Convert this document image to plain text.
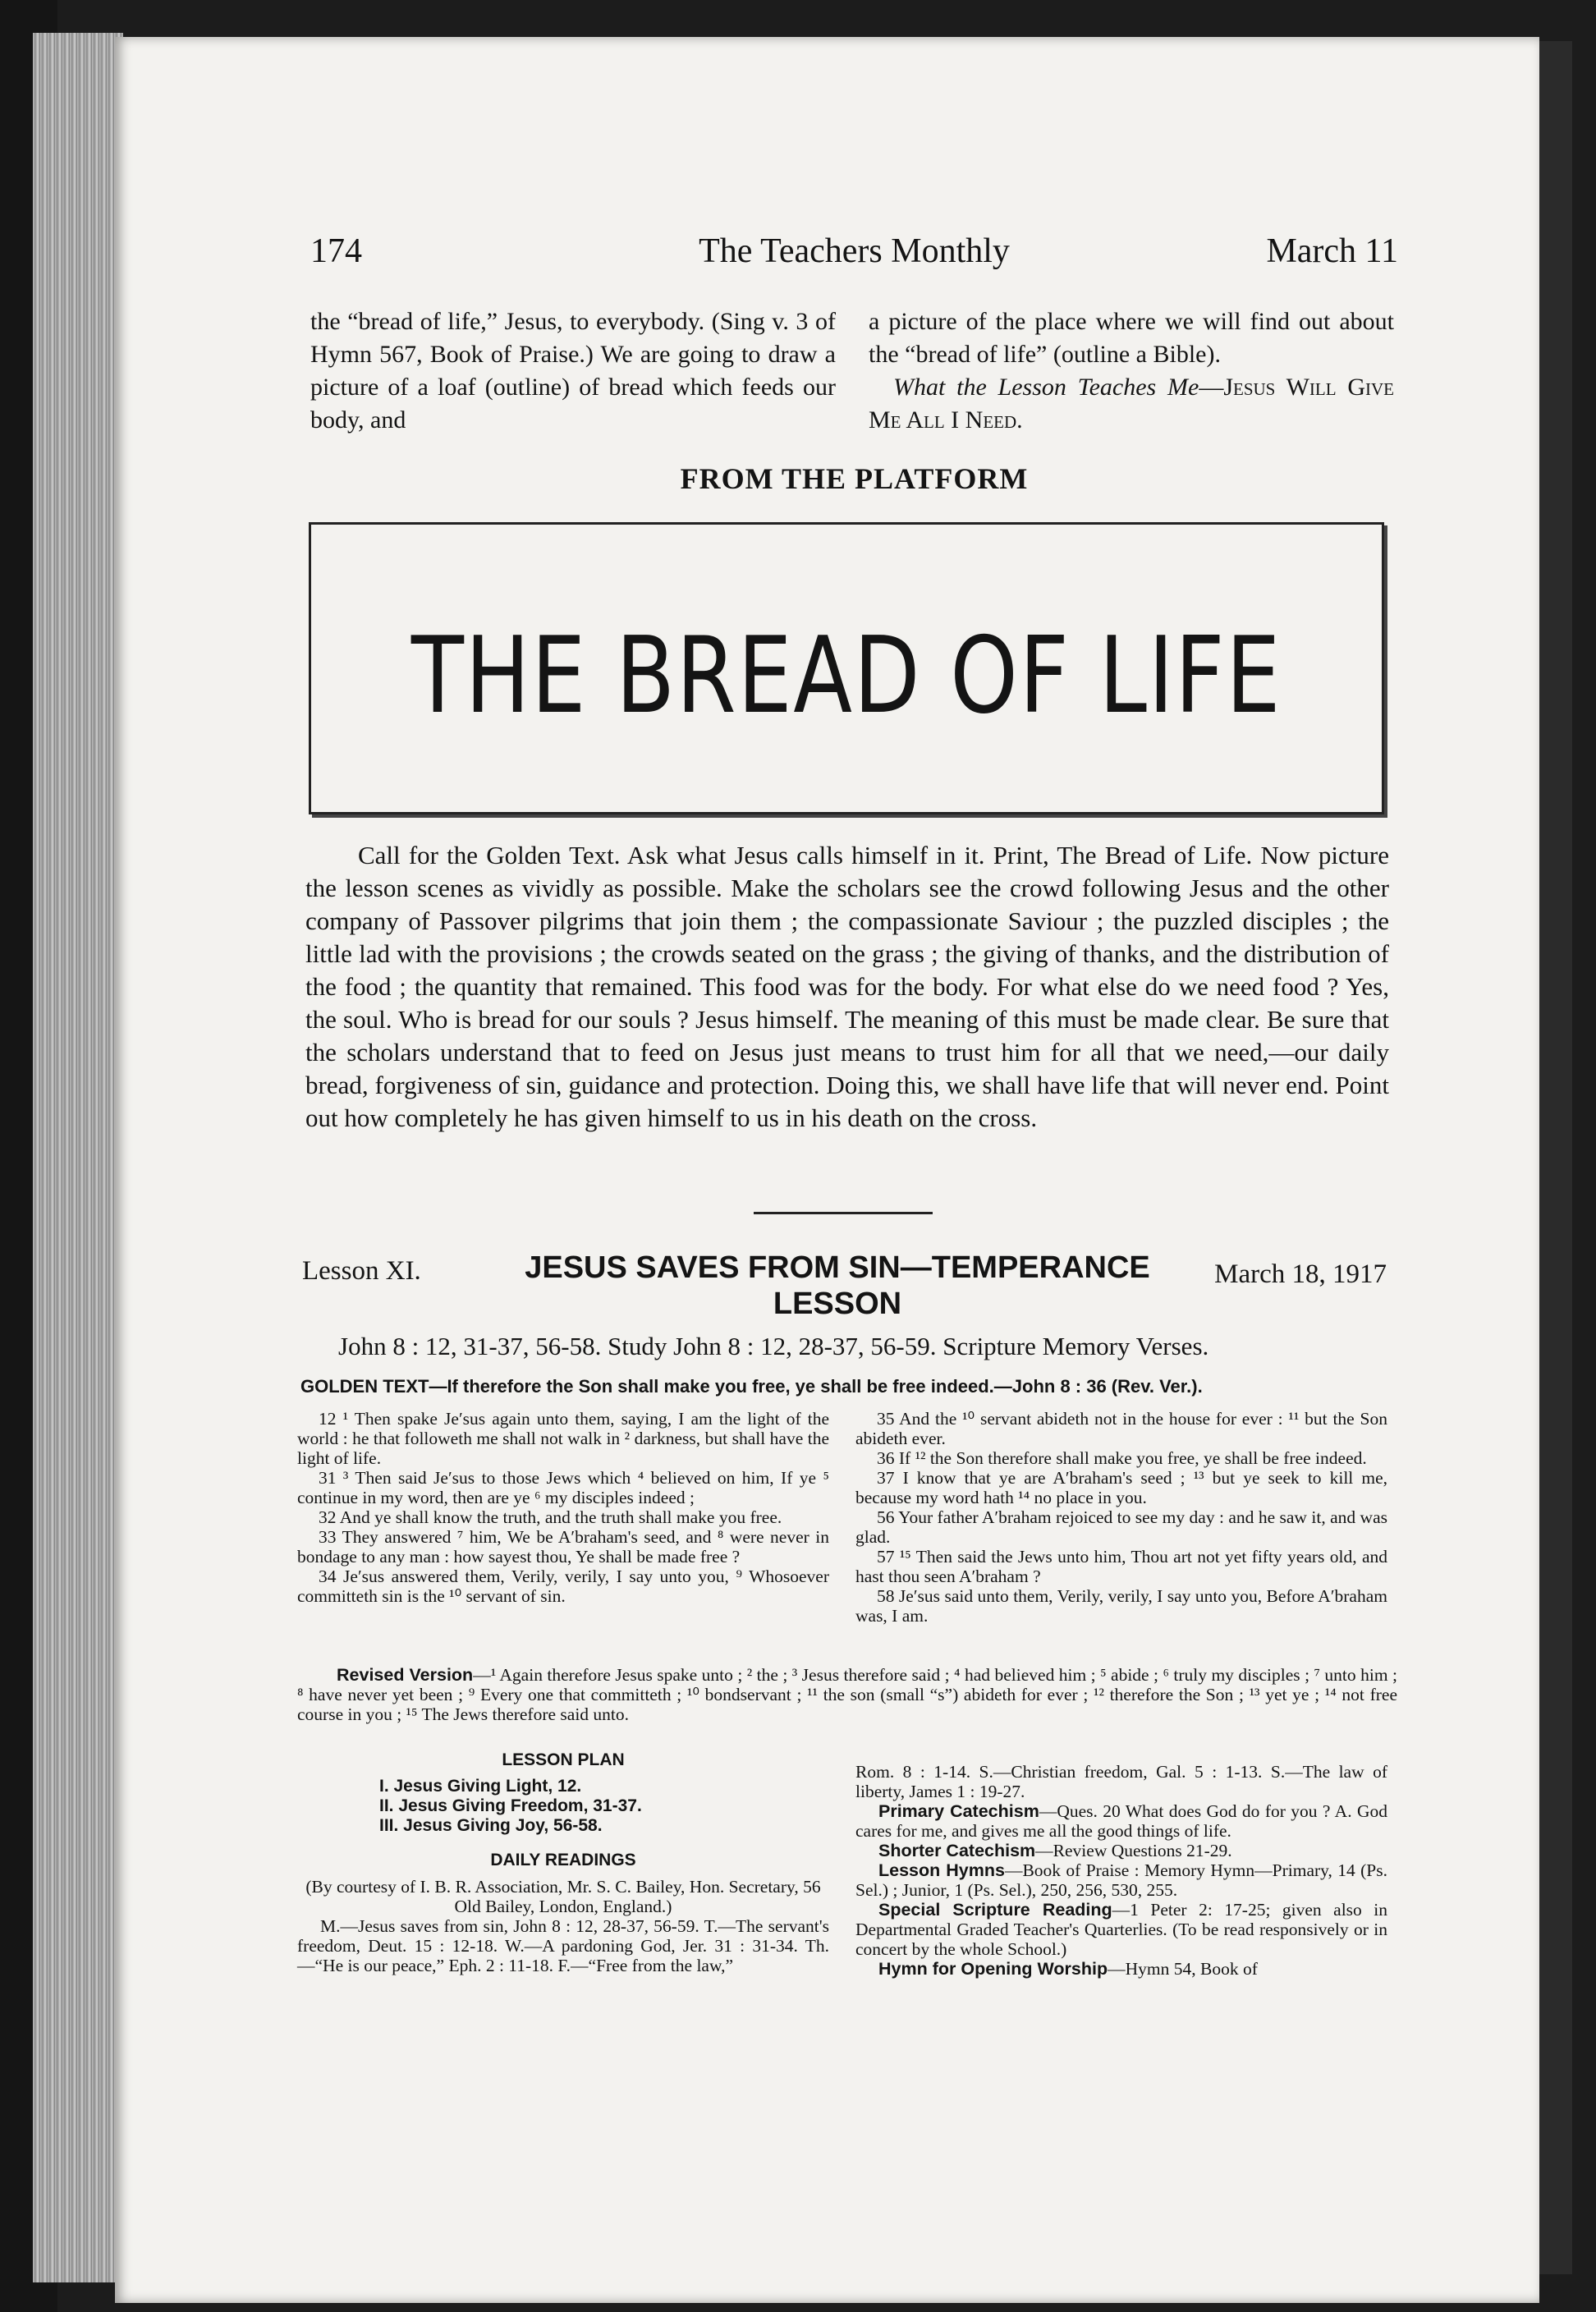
174	The Teachers Monthly	March 11

the “bread of life,” Jesus, to everybody. (Sing v. 3 of Hymn 567, Book of Praise.) We are going to draw a picture of a loaf (outline) of bread which feeds our body, and

a picture of the place where we will find out about the “bread of life” (outline a Bible).

What the Lesson Teaches Me—Jesus Will Give Me All I Need.

FROM THE PLATFORM
THE BREAD OF LIFE
Call for the Golden Text. Ask what Jesus calls himself in it. Print, The Bread of Life. Now picture the lesson scenes as vividly as possible. Make the scholars see the crowd following Jesus and the other company of Passover pilgrims that join them ; the compassionate Saviour ; the puzzled disciples ; the little lad with the provisions ; the crowds seated on the grass ; the giving of thanks, and the distribution of the food ; the quantity that remained. This food was for the body. For what else do we need food ? Yes, the soul. Who is bread for our souls ? Jesus himself. The meaning of this must be made clear. Be sure that the scholars understand that to feed on Jesus just means to trust him for all that we need,—our daily bread, forgiveness of sin, guidance and protection. Doing this, we shall have life that will never end. Point out how completely he has given himself to us in his death on the cross.
Lesson XI.	JESUS SAVES FROM SIN—TEMPERANCE LESSON
March 18, 1917
John 8 : 12, 31-37, 56-58. Study John 8 : 12, 28-37, 56-59. Scripture Memory Verses.
GOLDEN TEXT—If therefore the Son shall make you free, ye shall be free indeed.—John 8 : 36 (Rev. Ver.).

12 ¹ Then spake Je′sus again unto them, saying, I am the light of the world : he that followeth me shall not walk in ² darkness, but shall have the light of life.

31 ³ Then said Je′sus to those Jews which ⁴ believed on him, If ye ⁵ continue in my word, then are ye ⁶ my disciples indeed ;

32 And ye shall know the truth, and the truth shall make you free.

33 They answered ⁷ him, We be A′braham's seed, and ⁸ were never in bondage to any man : how sayest thou, Ye shall be made free ?

34 Je′sus answered them, Verily, verily, I say unto you, ⁹ Whosoever committeth sin is the ¹⁰ servant of sin.

35 And the ¹⁰ servant abideth not in the house for ever : ¹¹ but the Son abideth ever.

36 If ¹² the Son therefore shall make you free, ye shall be free indeed.

37 I know that ye are A′braham's seed ; ¹³ but ye seek to kill me, because my word hath ¹⁴ no place in you.

56 Your father A′braham rejoiced to see my day : and he saw it, and was glad.

57 ¹⁵ Then said the Jews unto him, Thou art not yet fifty years old, and hast thou seen A′braham ?

58 Je′sus said unto them, Verily, verily, I say unto you, Before A′braham was, I am.

Revised Version—¹ Again therefore Jesus spake unto ; ² the ; ³ Jesus therefore said ; ⁴ had believed him ; ⁵ abide ; ⁶ truly my disciples ; ⁷ unto him ; ⁸ have never yet been ; ⁹ Every one that committeth ; ¹⁰ bondservant ; ¹¹ the son (small “s”) abideth for ever ; ¹² therefore the Son ; ¹³ yet ye ; ¹⁴ not free course in you ; ¹⁵ The Jews therefore said unto.
LESSON PLAN
I. Jesus Giving Light, 12.
II. Jesus Giving Freedom, 31-37.
III. Jesus Giving Joy, 56-58.
DAILY READINGS

(By courtesy of I. B. R. Association, Mr. S. C. Bailey, Hon. Secretary, 56 Old Bailey, London, England.)

M.—Jesus saves from sin, John 8 : 12, 28-37, 56-59. T.—The servant's freedom, Deut. 15 : 12-18. W.—A pardoning God, Jer. 31 : 31-34. Th.—“He is our peace,” Eph. 2 : 11-18. F.—“Free from the law,”

Rom. 8 : 1-14. S.—Christian freedom, Gal. 5 : 1-13. S.—The law of liberty, James 1 : 19-27.

Primary Catechism—Ques. 20 What does God do for you ? A. God cares for me, and gives me all the good things of life.

Shorter Catechism—Review Questions 21-29.

Lesson Hymns—Book of Praise : Memory Hymn—Primary, 14 (Ps. Sel.) ; Junior, 1 (Ps. Sel.), 250, 256, 530, 255.

Special Scripture Reading—1 Peter 2: 17-25; given also in Departmental Graded Teacher's Quarterlies. (To be read responsively or in concert by the whole School.)

Hymn for Opening Worship—Hymn 54, Book of
